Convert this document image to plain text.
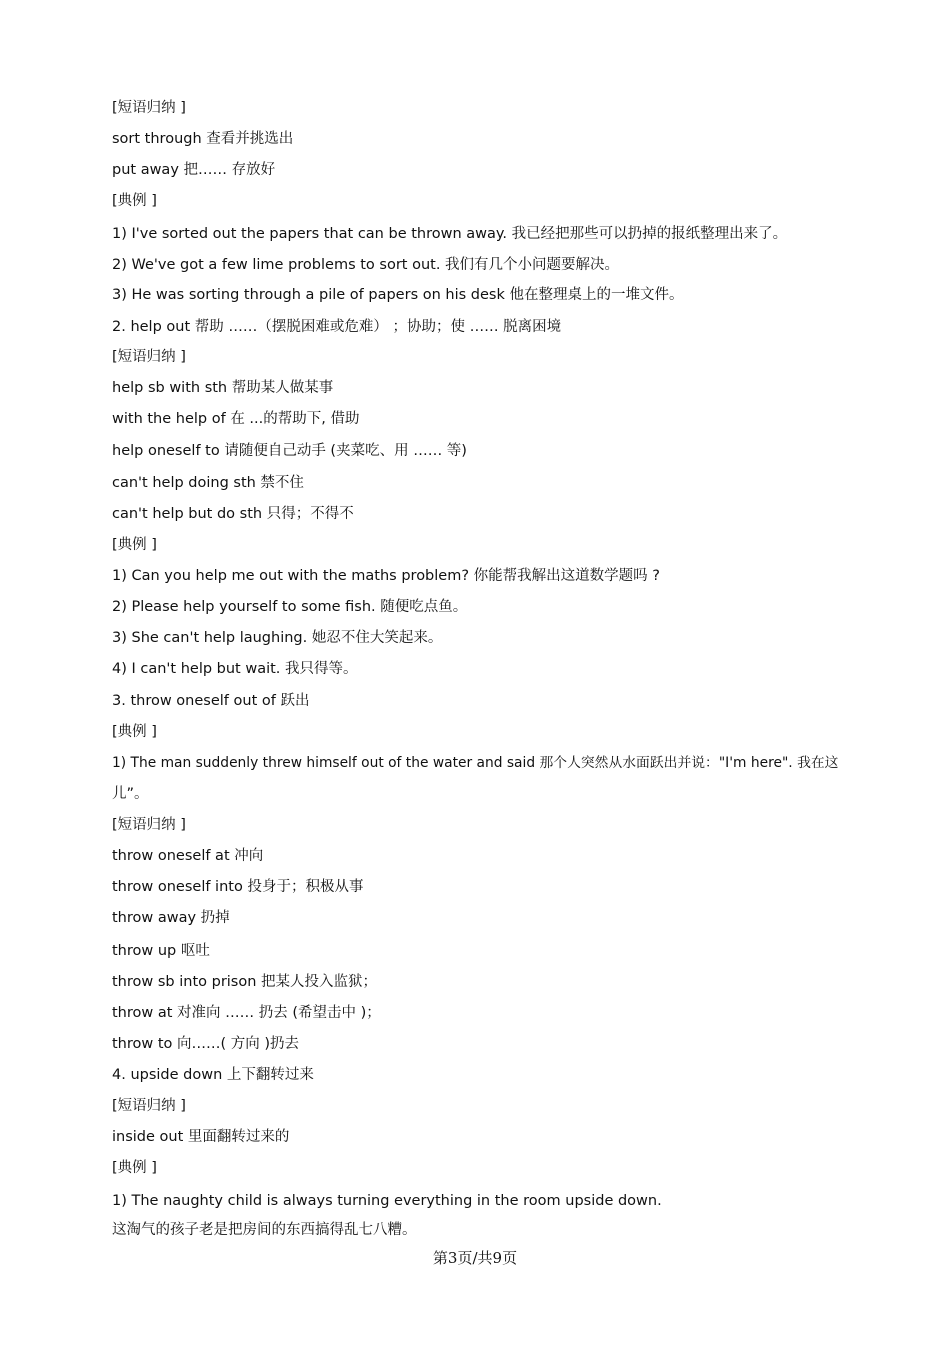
[短语归纳 ]
sort through 查看并挑选出
put away 把…… 存放好
[典例 ]
1) I've sorted out the papers that can be thrown away. 我已经把那些可以扔掉的报纸整理出来了。
2) We've got a few lime problems to sort out. 我们有几个小问题要解决。
3) He was sorting through a pile of papers on his desk 他在整理桌上的一堆文件。
2. help out 帮助 ……（摆脱困难或危难） ；协助；使 …… 脱离困境
[短语归纳 ]
help sb with sth 帮助某人做某事
with the help of 在 ...的帮助下, 借助
help oneself to 请随便自己动手 (夹菜吃、用 …… 等)
can't help doing sth 禁不住
can't help but do sth 只得；不得不
[典例 ]
1) Can you help me out with the maths problem? 你能帮我解出这道数学题吗 ?
2) Please help yourself to some fish. 随便吃点鱼。
3) She can't help laughing. 她忍不住大笑起来。
4) I can't help but wait. 我只得等。
3. throw oneself out of 跃出
[典例 ]
1) The man suddenly threw himself out of the water and said 那个人突然从水面跃出并说："I'm here". 我在这
儿”。
[短语归纳 ]
throw oneself at 冲向
throw oneself into 投身于；积极从事
throw away 扔掉
throw up 呕吐
throw sb into prison 把某人投入监狱；
throw at 对准向 …… 扔去 (希望击中 )；
throw to 向……( 方向 )扔去
4. upside down 上下翻转过来
[短语归纳 ]
inside out 里面翻转过来的
[典例 ]
1) The naughty child is always turning everything in the room upside down.
这淘气的孩子老是把房间的东西搞得乱七八糟。
第3页/共9页
